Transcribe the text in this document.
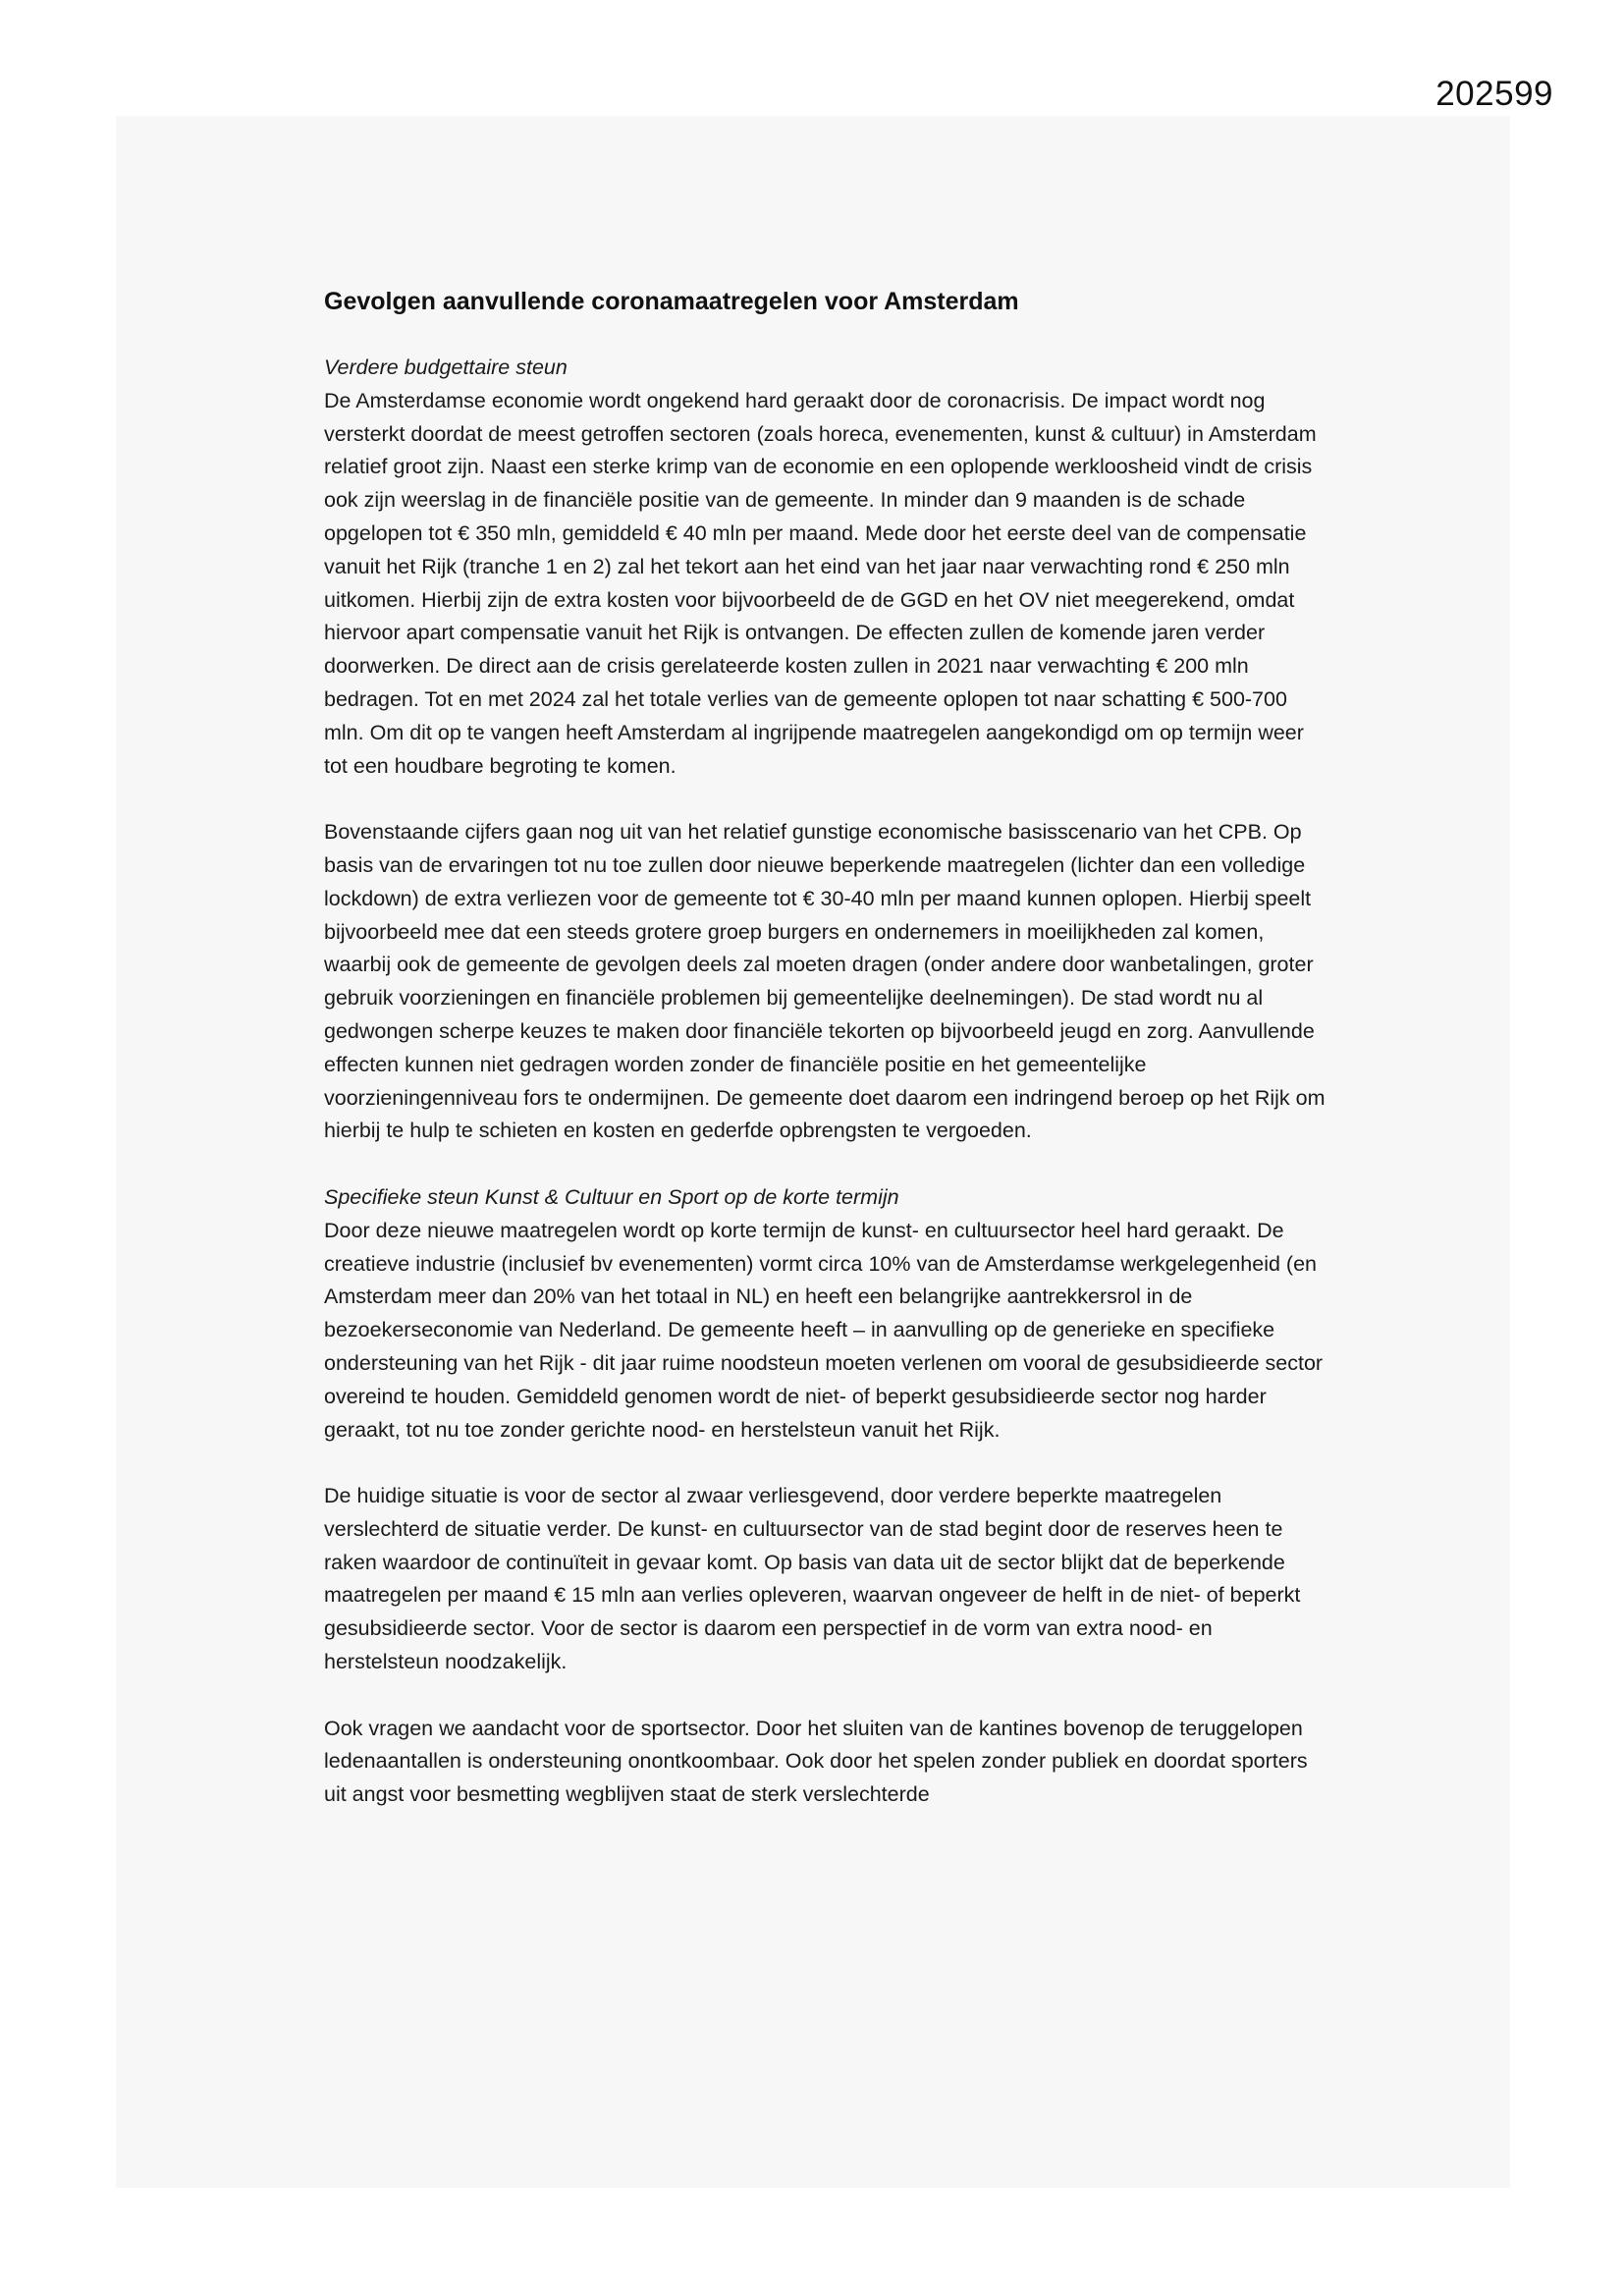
202599
Gevolgen aanvullende coronamaatregelen voor Amsterdam

Verdere budgettaire steun

De Amsterdamse economie wordt ongekend hard geraakt door de coronacrisis. De impact wordt nog versterkt doordat de meest getroffen sectoren (zoals horeca, evenementen, kunst & cultuur) in Amsterdam relatief groot zijn. Naast een sterke krimp van de economie en een oplopende werkloosheid vindt de crisis ook zijn weerslag in de financiële positie van de gemeente. In minder dan 9 maanden is de schade opgelopen tot € 350 mln, gemiddeld € 40 mln per maand. Mede door het eerste deel van de compensatie vanuit het Rijk (tranche 1 en 2) zal het tekort aan het eind van het jaar naar verwachting rond € 250 mln uitkomen. Hierbij zijn de extra kosten voor bijvoorbeeld de de GGD en het OV niet meegerekend, omdat hiervoor apart compensatie vanuit het Rijk is ontvangen. De effecten zullen de komende jaren verder doorwerken. De direct aan de crisis gerelateerde kosten zullen in 2021 naar verwachting € 200 mln bedragen. Tot en met 2024 zal het totale verlies van de gemeente oplopen tot naar schatting € 500-700 mln. Om dit op te vangen heeft Amsterdam al ingrijpende maatregelen aangekondigd om op termijn weer tot een houdbare begroting te komen.

Bovenstaande cijfers gaan nog uit van het relatief gunstige economische basisscenario van het CPB. Op basis van de ervaringen tot nu toe zullen door nieuwe beperkende maatregelen (lichter dan een volledige lockdown) de extra verliezen voor de gemeente tot € 30-40 mln per maand kunnen oplopen. Hierbij speelt bijvoorbeeld mee dat een steeds grotere groep burgers en ondernemers in moeilijkheden zal komen, waarbij ook de gemeente de gevolgen deels zal moeten dragen (onder andere door wanbetalingen, groter gebruik voorzieningen en financiële problemen bij gemeentelijke deelnemingen). De stad wordt nu al gedwongen scherpe keuzes te maken door financiële tekorten op bijvoorbeeld jeugd en zorg. Aanvullende effecten kunnen niet gedragen worden zonder de financiële positie en het gemeentelijke voorzieningenniveau fors te ondermijnen. De gemeente doet daarom een indringend beroep op het Rijk om hierbij te hulp te schieten en kosten en gederfde opbrengsten te vergoeden.

Specifieke steun Kunst & Cultuur en Sport op de korte termijn

Door deze nieuwe maatregelen wordt op korte termijn de kunst- en cultuursector heel hard geraakt. De creatieve industrie (inclusief bv evenementen) vormt circa 10% van de Amsterdamse werkgelegenheid (en Amsterdam meer dan 20% van het totaal in NL) en heeft een belangrijke aantrekkersrol in de bezoekerseconomie van Nederland. De gemeente heeft – in aanvulling op de generieke en specifieke ondersteuning van het Rijk - dit jaar ruime noodsteun moeten verlenen om vooral de gesubsidieerde sector overeind te houden. Gemiddeld genomen wordt de niet- of beperkt gesubsidieerde sector nog harder geraakt, tot nu toe zonder gerichte nood- en herstelsteun vanuit het Rijk.

De huidige situatie is voor de sector al zwaar verliesgevend, door verdere beperkte maatregelen verslechterd de situatie verder. De kunst- en cultuursector van de stad begint door de reserves heen te raken waardoor de continuïteit in gevaar komt. Op basis van data uit de sector blijkt dat de beperkende maatregelen per maand € 15 mln aan verlies opleveren, waarvan ongeveer de helft in de niet- of beperkt gesubsidieerde sector. Voor de sector is daarom een perspectief in de vorm van extra nood- en herstelsteun noodzakelijk.

Ook vragen we aandacht voor de sportsector. Door het sluiten van de kantines bovenop de teruggelopen ledenaantallen is ondersteuning onontkoombaar. Ook door het spelen zonder publiek en doordat sporters uit angst voor besmetting wegblijven staat de sterk verslechterde
